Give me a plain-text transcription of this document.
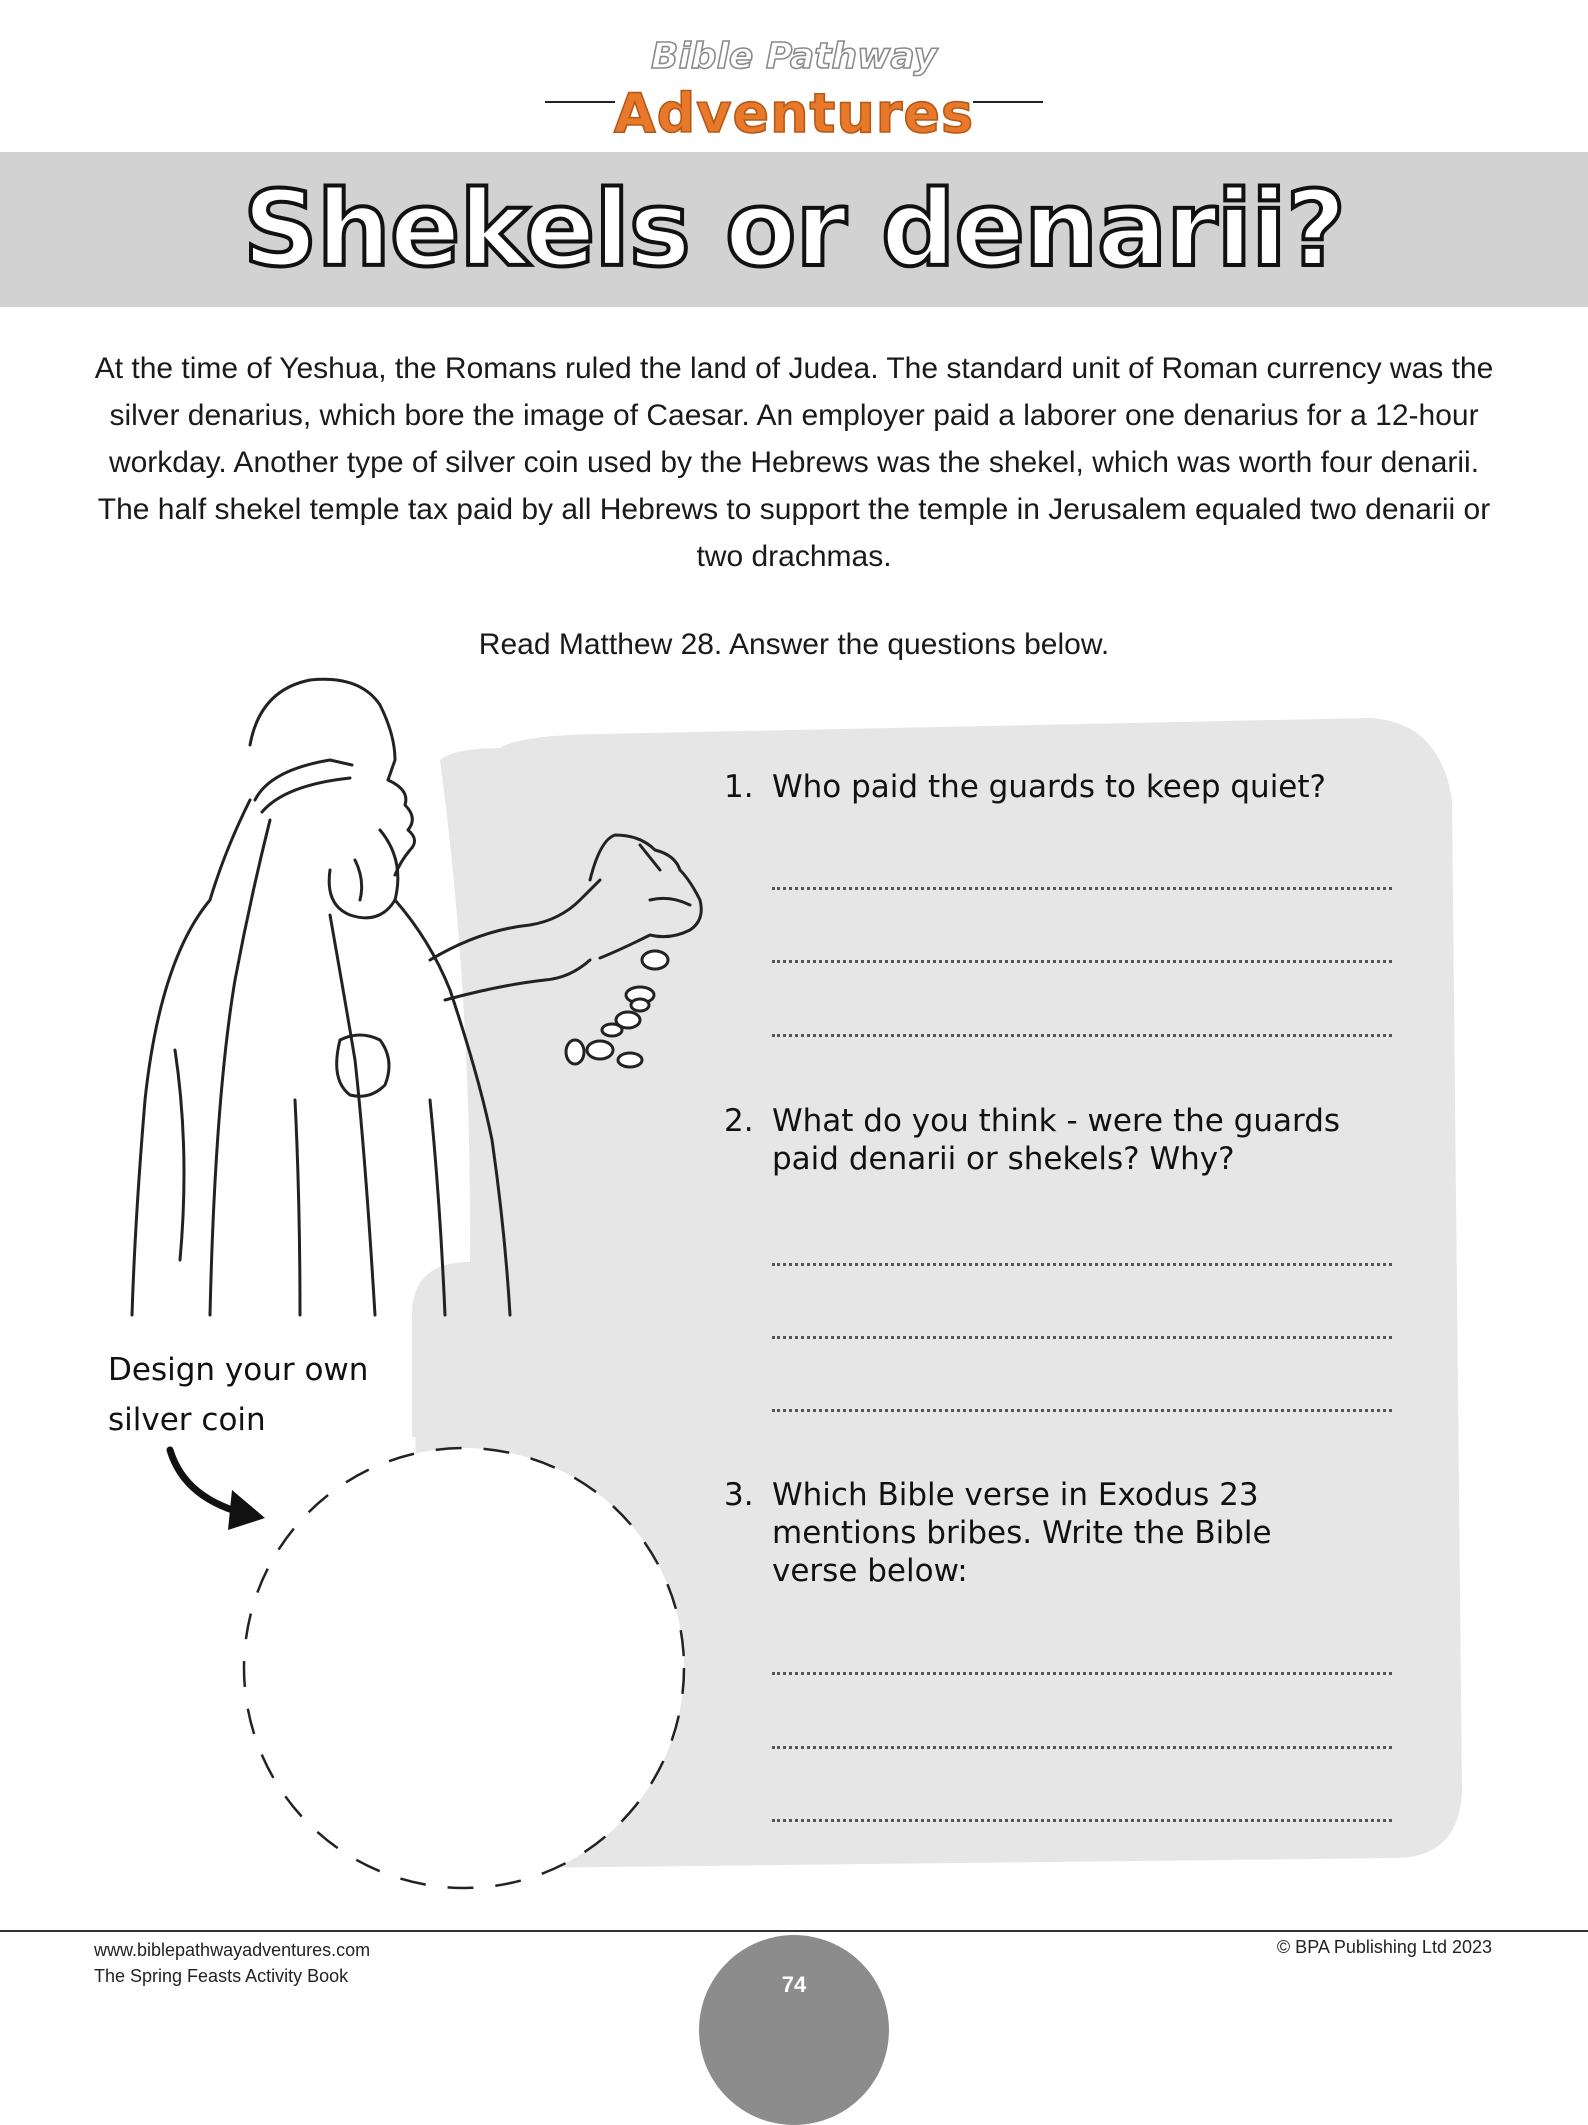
Bible Pathway
Adventures
Shekels or denarii?
At the time of Yeshua, the Romans ruled the land of Judea. The standard unit of Roman currency was the silver denarius, which bore the image of Caesar. An employer paid a laborer one denarius for a 12-hour workday. Another type of silver coin used by the Hebrews was the shekel, which was worth four denarii. The half shekel temple tax paid by all Hebrews to support the temple in Jerusalem equaled two denarii or two drachmas.
Read Matthew 28. Answer the questions below.
1. Who paid the guards to keep quiet?
2. What do you think - were the guards paid denarii or shekels? Why?
3. Which Bible verse in Exodus 23 mentions bribes. Write the Bible verse below:
Design your own silver coin
www.biblepathwayadventures.com
The Spring Feasts Activity Book
© BPA Publishing Ltd 2023
74
